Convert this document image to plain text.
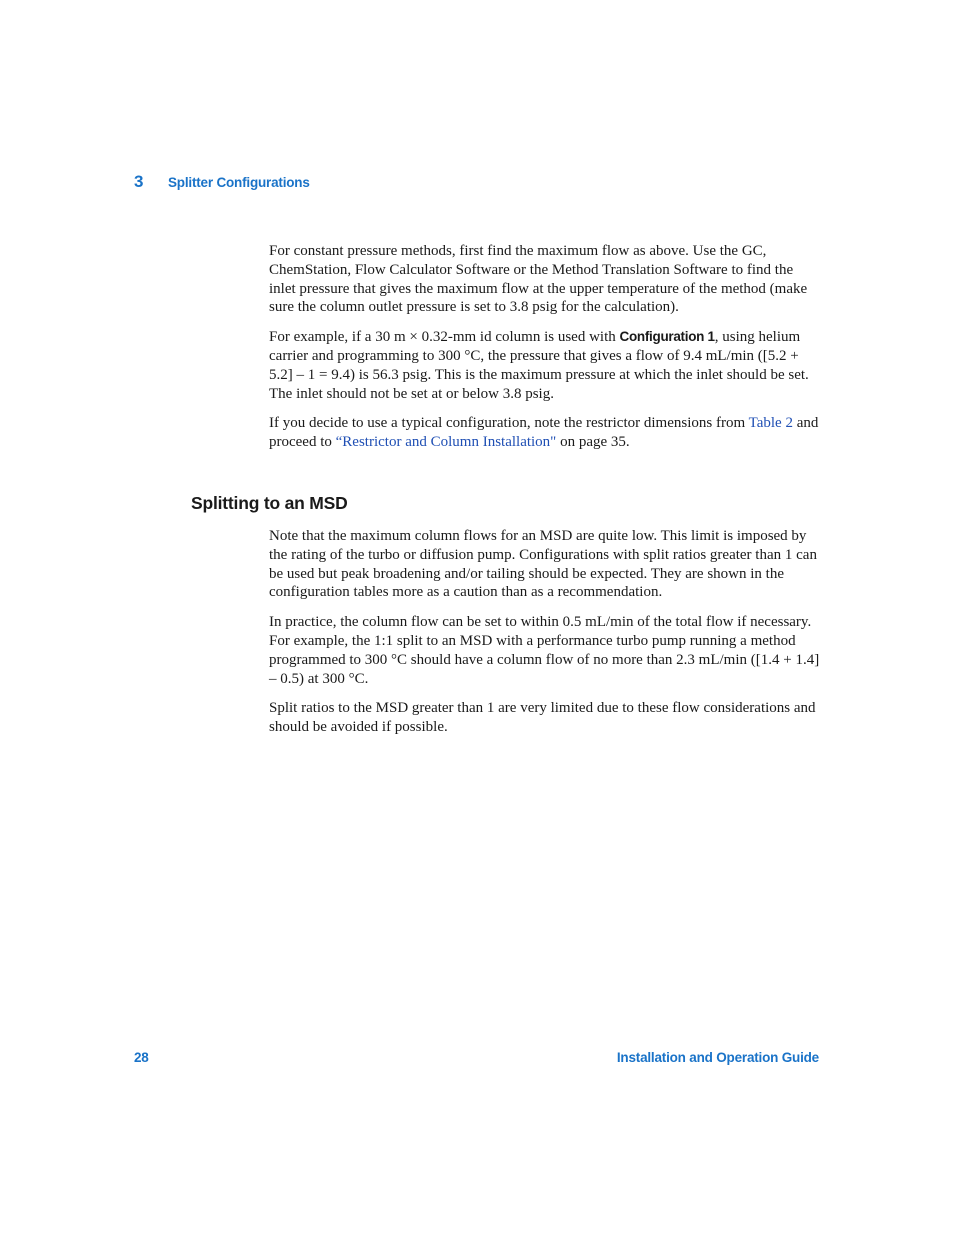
3	Splitter Configurations

For constant pressure methods, first find the maximum flow as above. Use the GC, ChemStation, Flow Calculator Software or the Method Translation Software to find the inlet pressure that gives the maximum flow at the upper temperature of the method (make sure the column outlet pressure is set to 3.8 psig for the calculation).

For example, if a 30 m × 0.32-mm id column is used with Configuration 1, using helium carrier and programming to 300 °C, the pressure that gives a flow of 9.4 mL/min ([5.2 + 5.2] – 1 = 9.4) is 56.3 psig. This is the maximum pressure at which the inlet should be set. The inlet should not be set at or below 3.8 psig.

If you decide to use a typical configuration, note the restrictor dimensions from Table 2 and proceed to “Restrictor and Column Installation" on page 35.

Splitting to an MSD

Note that the maximum column flows for an MSD are quite low. This limit is imposed by the rating of the turbo or diffusion pump. Configurations with split ratios greater than 1 can be used but peak broadening and/or tailing should be expected. They are shown in the configuration tables more as a caution than as a recommendation.

In practice, the column flow can be set to within 0.5 mL/min of the total flow if necessary. For example, the 1:1 split to an MSD with a performance turbo pump running a method programmed to 300 °C should have a column flow of no more than 2.3 mL/min ([1.4 + 1.4] – 0.5) at 300 °C.

Split ratios to the MSD greater than 1 are very limited due to these flow considerations and should be avoided if possible.

28	Installation and Operation Guide
